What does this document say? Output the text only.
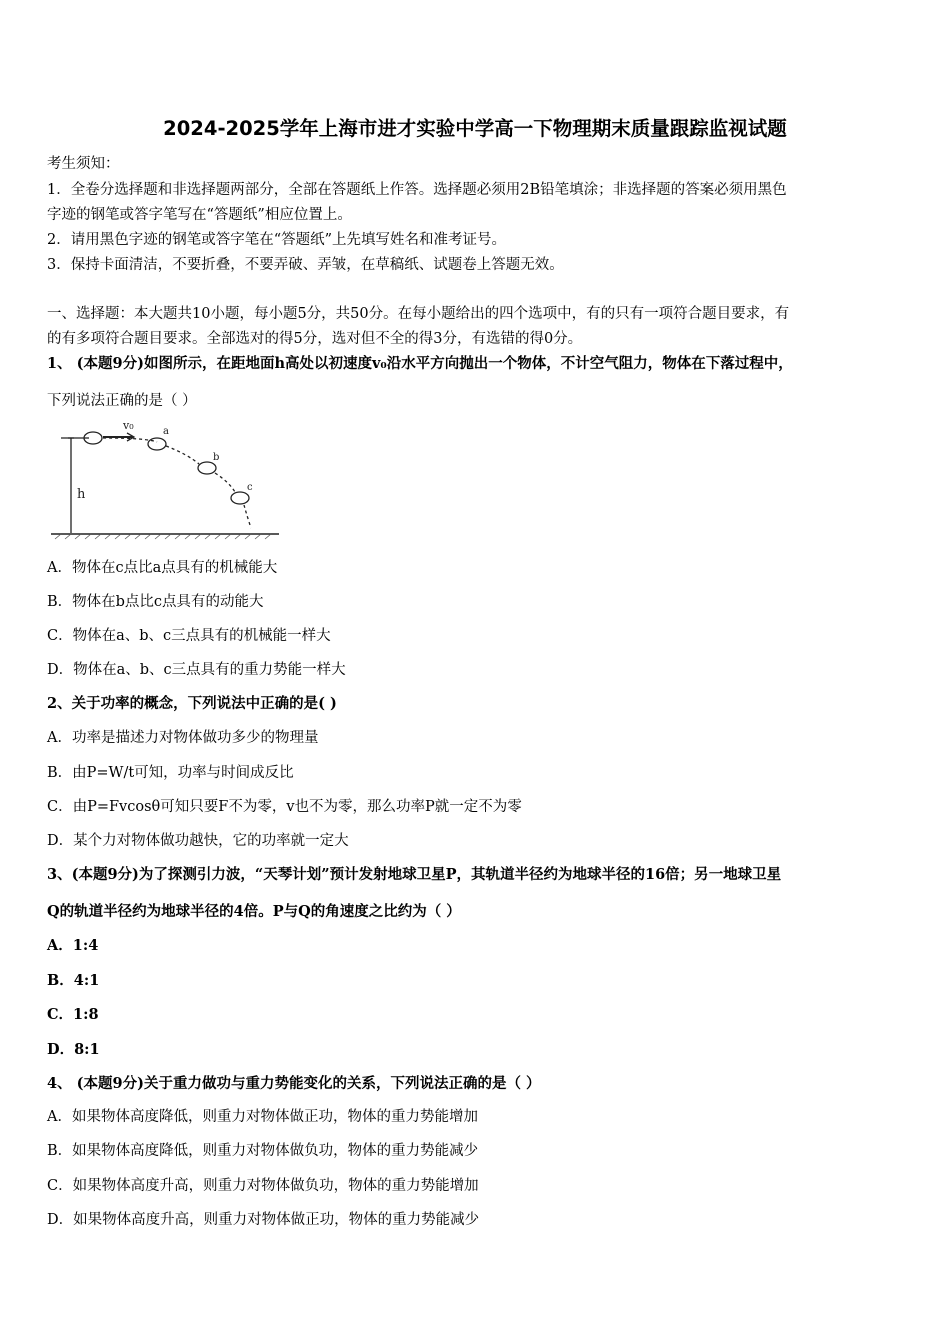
2024-2025学年上海市进才实验中学高一下物理期末质量跟踪监视试题
考生须知：
1．全卷分选择题和非选择题两部分，全部在答题纸上作答。选择题必须用2B铅笔填涂；非选择题的答案必须用黑色
字迹的钢笔或答字笔写在“答题纸”相应位置上。
2．请用黑色字迹的钢笔或答字笔在“答题纸”上先填写姓名和准考证号。
3．保持卡面清洁，不要折叠，不要弄破、弄皱，在草稿纸、试题卷上答题无效。
一、选择题：本大题共10小题，每小题5分，共50分。在每小题给出的四个选项中，有的只有一项符合题目要求，有
的有多项符合题目要求。全部选对的得5分，选对但不全的得3分，有选错的得0分。
1、 (本题9分)如图所示，在距地面h高处以初速度v₀沿水平方向抛出一个物体，不计空气阻力，物体在下落过程中，
下列说法正确的是（ ）
v₀	a
b
c
h
A．物体在c点比a点具有的机械能大
B．物体在b点比c点具有的动能大
C．物体在a、b、c三点具有的机械能一样大
D．物体在a、b、c三点具有的重力势能一样大
2、关于功率的概念，下列说法中正确的是( )
A．功率是描述力对物体做功多少的物理量
B．由P=W/t可知，功率与时间成反比
C．由P=Fvcosθ可知只要F不为零，v也不为零，那么功率P就一定不为零
D．某个力对物体做功越快，它的功率就一定大
3、(本题9分)为了探测引力波，“天琴计划”预计发射地球卫星P，其轨道半径约为地球半径的16倍；另一地球卫星
Q的轨道半径约为地球半径的4倍。P与Q的角速度之比约为（ ）
A．1:4
B．4:1
C．1:8
D．8:1
4、 (本题9分)关于重力做功与重力势能变化的关系，下列说法正确的是（ ）
A．如果物体高度降低，则重力对物体做正功，物体的重力势能增加
B．如果物体高度降低，则重力对物体做负功，物体的重力势能减少
C．如果物体高度升高，则重力对物体做负功，物体的重力势能增加
D．如果物体高度升高，则重力对物体做正功，物体的重力势能减少
